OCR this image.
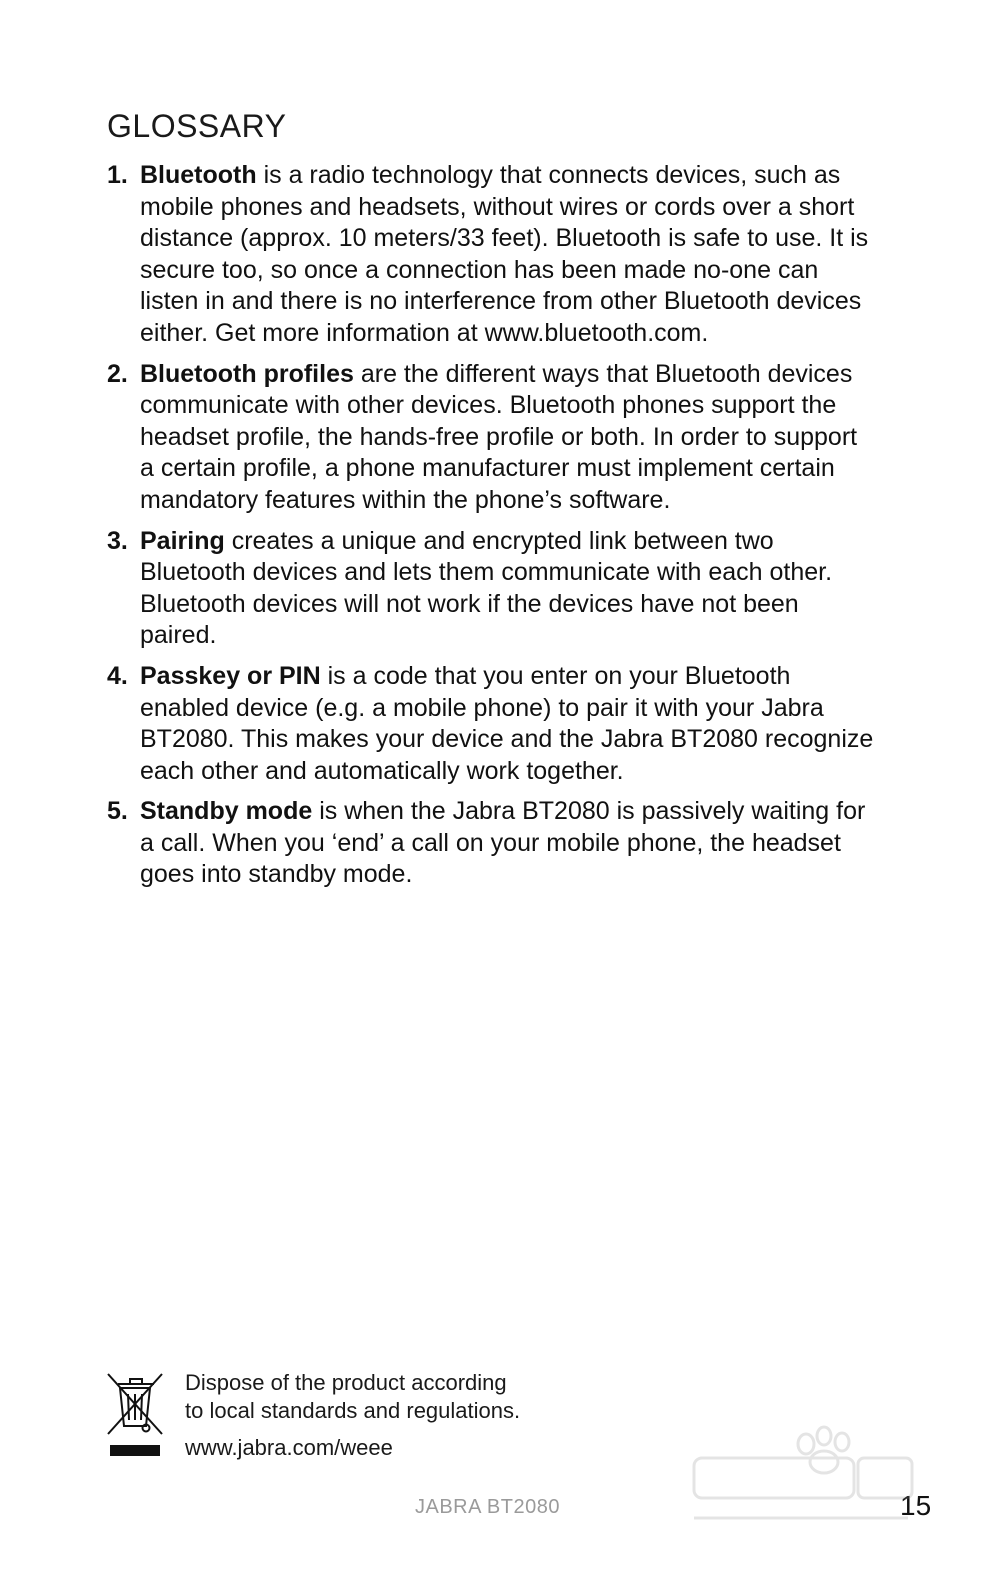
GLOSSARY
1. Bluetooth is a radio technology that connects devices, such as mobile phones and headsets, without wires or cords over a short distance (approx. 10 meters/33 feet). Bluetooth is safe to use. It is secure too, so once a connection has been made no-one can listen in and there is no interference from other Bluetooth devices either. Get more information at www.bluetooth.com.
2. Bluetooth profiles are the different ways that Bluetooth devices communicate with other devices. Bluetooth phones support the headset profile, the hands-free profile or both. In order to support a certain profile, a phone manufacturer must implement certain mandatory features within the phone’s software.
3. Pairing creates a unique and encrypted link between two Bluetooth devices and lets them communicate with each other. Bluetooth devices will not work if the devices have not been paired.
4. Passkey or PIN is a code that you enter on your Bluetooth enabled device (e.g. a mobile phone) to pair it with your Jabra BT2080. This makes your device and the Jabra BT2080 recognize each other and automatically work together.
5. Standby mode is when the Jabra BT2080 is passively waiting for a call. When you ‘end’ a call on your mobile phone, the headset goes into standby mode.
Dispose of the product according
to local standards and regulations.
www.jabra.com/weee
JABRA BT2080	15
